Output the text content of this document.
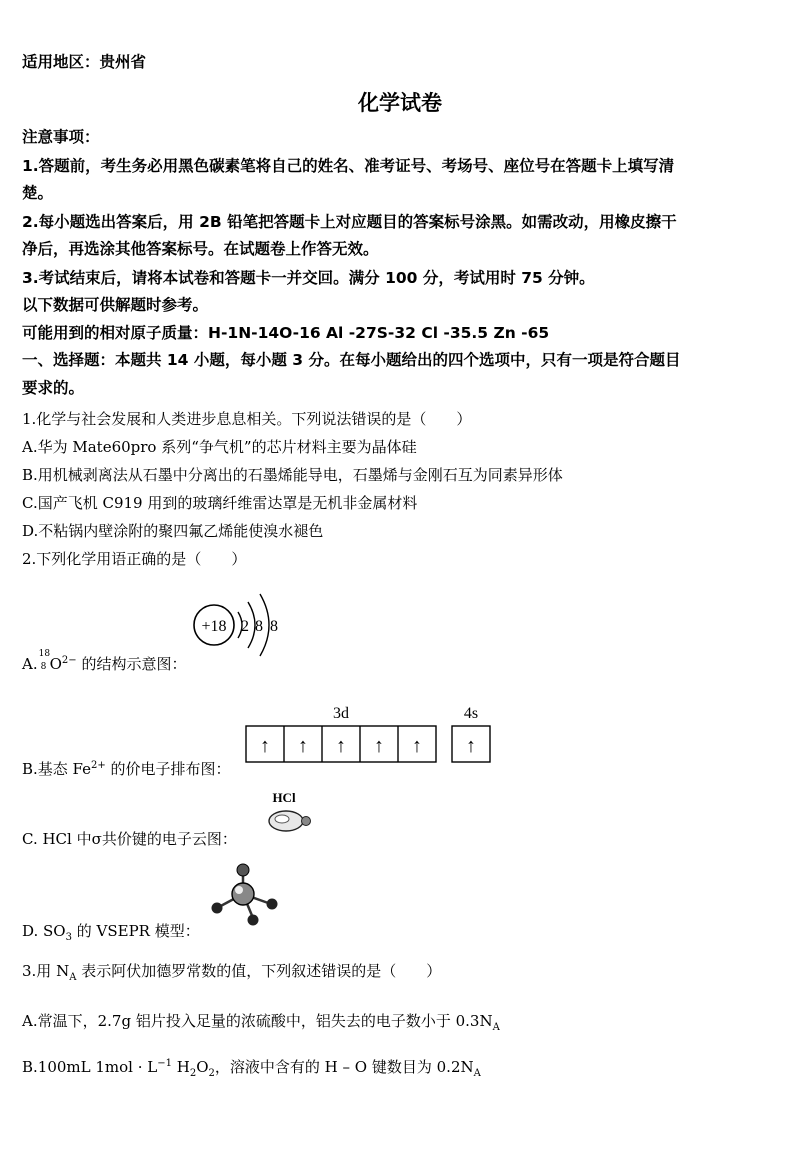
适用地区：贵州省
化学试卷
注意事项：
1.答题前，考生务必用黑色碳素笔将自己的姓名、准考证号、考场号、座位号在答题卡上填写清
楚。
2.每小题选出答案后，用 2B 铅笔把答题卡上对应题目的答案标号涂黑。如需改动，用橡皮擦干
净后，再选涂其他答案标号。在试题卷上作答无效。
3.考试结束后，请将本试卷和答题卡一并交回。满分 100 分，考试用时 75 分钟。
以下数据可供解题时参考。
可能用到的相对原子质量：H-1N-14O-16 Al -27S-32 Cl -35.5 Zn -65
一、选择题：本题共 14 小题，每小题 3 分。在每小题给出的四个选项中，只有一项是符合题目
要求的。
1.化学与社会发展和人类进步息息相关。下列说法错误的是（　　）
A.华为 Mate60pro 系列“争气机”的芯片材料主要为晶体硅
B.用机械剥离法从石墨中分离出的石墨烯能导电，石墨烯与金刚石互为同素异形体
C.国产飞机 C919 用到的玻璃纤维雷达罩是无机非金属材料
D.不粘锅内壁涂附的聚四氟乙烯能使溴水褪色
2.下列化学用语正确的是（　　）
+18 2 8 8
A.
18
8 $O^{2-}$ 的结构示意图：
3d	4s
↑ ↑ ↑ ↑ ↑ ↑
B.基态 $Fe^{2+}$ 的价电子排布图：
HCl
C. HCl 中σ共价键的电子云图：
D. $SO_3$ 的 VSEPR 模型：
3.用 $N_A$ 表示阿伏加德罗常数的值，下列叙述错误的是（　　）
A.常温下，2.7g 铝片投入足量的浓硫酸中，铝失去的电子数小于 $0.3N_A$
B.100mL $1mol \cdot L^{-1}$ $H_2O_2$，溶液中含有的 H – O 键数目为 $0.2N_A$
